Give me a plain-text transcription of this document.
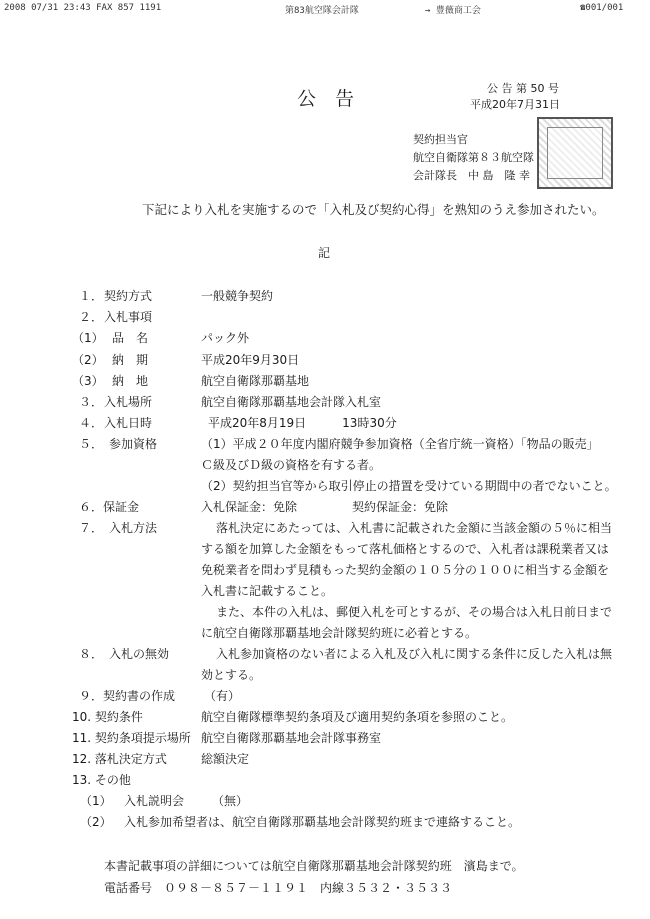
2008 07/31 23:43 FAX 857 1191	第83航空隊会計隊	→ 豊薇商工会	☎001/001
公　告	公 告 第 50 号
平成20年7月31日
契約担当官
航空自衛隊第８３航空隊
会計隊長　中 島　隆 幸
下記により入札を実施するので「入札及び契約心得」を熟知のうえ参加されたい。
記
１． 契約方式	一般競争契約
２． 入札事項
（1） 品　名	パック外
（2） 納　期	平成20年9月30日
（3） 納　地	航空自衛隊那覇基地
３． 入札場所	航空自衛隊那覇基地会計隊入札室
４． 入札日時	平成20年8月19日　　　13時30分
５．　参加資格	（1）平成２０年度内閣府競争参加資格（全省庁統一資格）「物品の販売」
Ｃ級及びＤ級の資格を有する者。
（2）契約担当官等から取引停止の措置を受けている期間中の者でないこと。
６．保証金	入札保証金：免除	契約保証金：免除
７．　入札方法	落札決定にあたっては、入札書に記載された金額に当該金額の５％に相当
する額を加算した金額をもって落札価格とするので、入札者は課税業者又は
免税業者を問わず見積もった契約金額の１０５分の１００に相当する金額を
入札書に記載すること。
また、本件の入札は、郵便入札を可とするが、その場合は入札日前日まで
に航空自衛隊那覇基地会計隊契約班に必着とする。
８．　入札の無効	入札参加資格のない者による入札及び入札に関する条件に反した入札は無
効とする。
９．契約書の作成 （有）
10. 契約条件	航空自衛隊標準契約条項及び適用契約条項を参照のこと。
11. 契約条項提示場所 航空自衛隊那覇基地会計隊事務室
12. 落札決定方式	総額決定
13. その他
（1） 入札説明会 （無）
（2） 入札参加希望者は、航空自衛隊那覇基地会計隊契約班まで連絡すること。
本書記載事項の詳細については航空自衛隊那覇基地会計隊契約班　濱島まで。
電話番号　０９８－８５７－１１９１　内線３５３２・３５３３
